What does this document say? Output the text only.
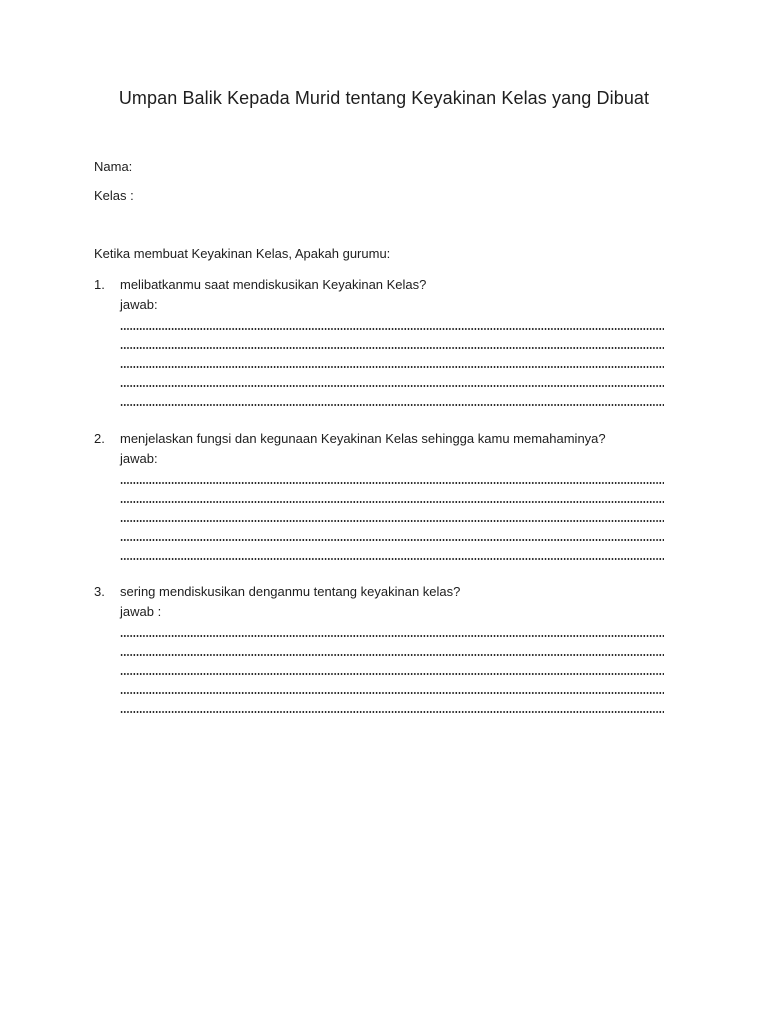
Umpan Balik Kepada Murid tentang Keyakinan Kelas yang Dibuat
Nama:
Kelas :
Ketika membuat Keyakinan Kelas, Apakah gurumu:
1.	melibatkanmu saat mendiskusikan Keyakinan Kelas?
jawab:
2.	menjelaskan fungsi dan kegunaan Keyakinan Kelas sehingga kamu memahaminya?
jawab:
3.	sering mendiskusikan denganmu tentang keyakinan kelas?
jawab :
